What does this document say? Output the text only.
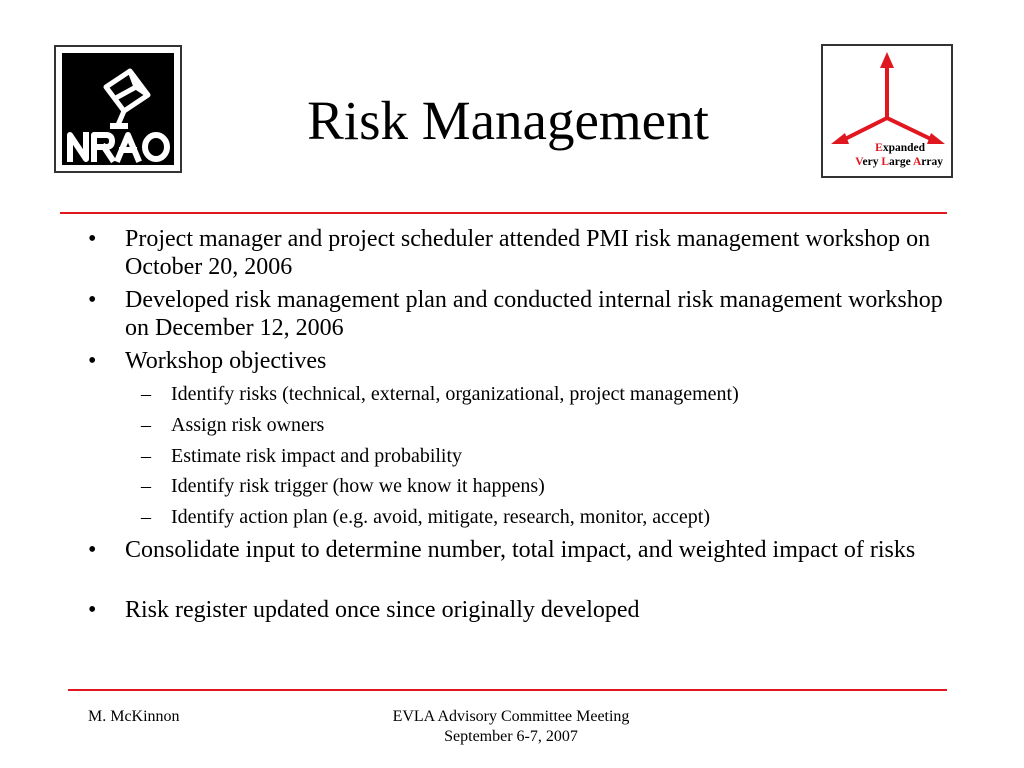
Risk Management	Expanded
Very Large Array
• Project manager and project scheduler attended PMI risk management workshop on October 20, 2006
• Developed risk management plan and conducted internal risk management workshop on December 12, 2006
• Workshop objectives
– Identify risks (technical, external, organizational, project management)
– Assign risk owners
– Estimate risk impact and probability
– Identify risk trigger (how we know it happens)
– Identify action plan (e.g. avoid, mitigate, research, monitor, accept)
• Consolidate input to determine number, total impact, and weighted impact of risks
• Risk register updated once since originally developed
M. McKinnon	EVLA Advisory Committee Meeting
September 6-7, 2007
